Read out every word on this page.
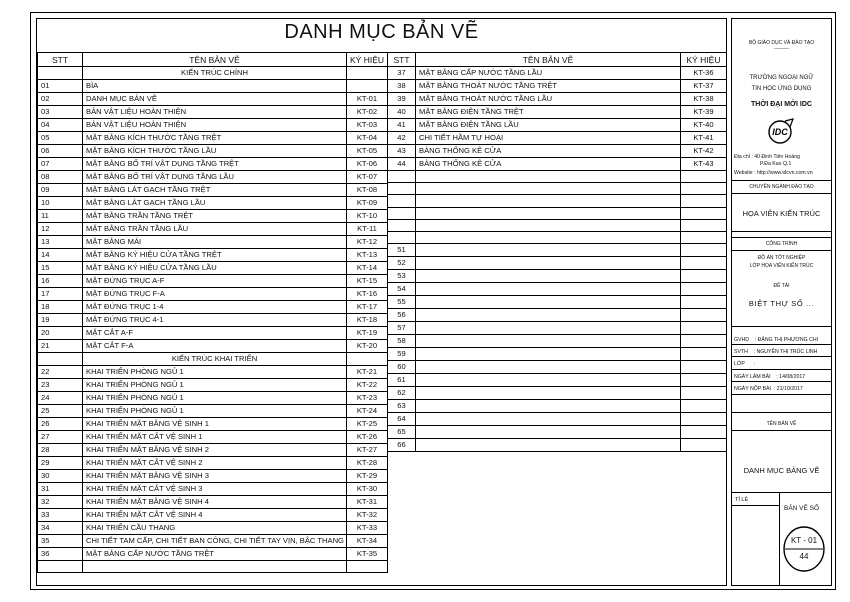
DANH MỤC BẢN VẼ
STT	TÊN BẢN VẼ	KÝ HIỆU
	KIẾN TRÚC CHÍNH	
01	BÌA	
02	DANH MỤC BẢN VẼ	KT-01
03	BẢN VẬT LIỆU HOÀN THIỆN	KT-02
04	BẢN VẬT LIỆU HOÀN THIỆN	KT-03
05	MẶT BẰNG KÍCH THƯỚC TẦNG TRỆT	KT-04
06	MẶT BẰNG KÍCH THƯỚC TẦNG LẦU	KT-05
07	MẶT BẰNG BỐ TRÍ VẬT DỤNG TẦNG TRỆT	KT-06
08	MẶT BẰNG BỐ TRÍ VẬT DỤNG TẦNG LẦU	KT-07
09	MẶT BẰNG LÁT GẠCH TẦNG TRỆT	KT-08
10	MẶT BẰNG LÁT GẠCH TẦNG LẦU	KT-09
11	MẶT BẰNG TRẦN TẦNG TRỆT	KT-10
12	MẶT BẰNG TRẦN TẦNG LẦU	KT-11
13	MẶT BẰNG MÁI	KT-12
14	MẶT BẰNG KÝ HIỆU CỬA TẦNG TRỆT	KT-13
15	MẶT BẰNG KÝ HIỆU CỬA TẦNG LẦU	KT-14
16	MẶT ĐỨNG TRỤC A-F	KT-15
17	MẶT ĐỨNG TRỤC F-A	KT-16
18	MẶT ĐỨNG TRỤC 1-4	KT-17
19	MẶT ĐỨNG TRỤC 4-1	KT-18
20	MẶT CẮT A-F	KT-19
21	MẶT CẮT F-A	KT-20
	KIẾN TRÚC KHAI TRIỂN	
22	KHAI TRIỂN PHÒNG NGỦ 1	KT-21
23	KHAI TRIỂN PHÒNG NGỦ 1	KT-22
24	KHAI TRIỂN PHÒNG NGỦ 1	KT-23
25	KHAI TRIỂN PHÒNG NGỦ 1	KT-24
26	KHAI TRIỂN MẶT BẰNG VỆ SINH 1	KT-25
27	KHAI TRIỂN MẶT CẮT VỆ SINH 1	KT-26
28	KHAI TRIỂN MẶT BẰNG VỆ SINH 2	KT-27
29	KHAI TRIỂN MẶT CẮT VỆ SINH 2	KT-28
30	KHAI TRIỂN MẶT BẰNG VỆ SINH 3	KT-29
31	KHAI TRIỂN MẶT CẮT VỆ SINH 3	KT-30
32	KHAI TRIỂN MẶT BẰNG VỆ SINH 4	KT-31
33	KHAI TRIỂN MẶT CẮT VỆ SINH 4	KT-32
34	KHAI TRIỂN CẦU THANG	KT-33
35	CHI TIẾT TAM CẤP, CHI TIẾT BAN CÔNG, CHI TIẾT TAY VỊN, BẬC THANG	KT-34
36	MẶT BẰNG CẤP NƯỚC TẦNG TRỆT	KT-35

STT	TÊN BẢN VẼ	KÝ HIỆU
37	MẶT BẰNG CẤP NƯỚC TẦNG LẦU	KT-36
38	MẶT BẰNG THOÁT NƯỚC TẦNG TRỆT	KT-37
39	MẶT BẰNG THOÁT NƯỚC TẦNG LẦU	KT-38
40	MẶT BẰNG ĐIỆN TẦNG TRỆT	KT-39
41	MẶT BẰNG ĐIỆN TẦNG LẦU	KT-40
42	CHI TIẾT HẦM TỰ HOẠI	KT-41
43	BẢNG THỐNG KÊ CỬA	KT-42
44	BẢNG THỐNG KÊ CỬA	KT-43

51		
52		
53		
54		
55		
56		
57		
58		
59		
60		
61		
62		
63		
64		
65		
66		
BỘ GIÁO DỤC VÀ ĐÀO TẠO
---------
TRƯỜNG NGOẠI NGỮ
TIN HỌC ỨNG DỤNG
THỜI ĐẠI MỚI IDC
IDC
Địa chỉ : 40 Đinh Tiên Hoàng
P.Đa Kao Q.1
Website : http://www.idcvn.com.vn
CHUYÊN NGÀNH ĐÀO TẠO
HỌA VIÊN KIẾN TRÚC
CÔNG TRÌNH
ĐỒ ÁN TỐT NGHIỆP
LỚP HỌA VIÊN KIẾN TRÚC
ĐỀ TÀI
BIỆT THỰ SỐ ...
GVHD : ĐẶNG THỊ PHƯƠNG CHI
SVTH : NGUYỄN THỊ TRÚC LINH
LỚP :
NGÀY LÀM BÀI : 14/08/2017
NGÀY NỘP BÀI : 21/10/2017
TÊN BẢN VẼ
DANH MỤC BẢNG VẼ
TỈ LỆ
BẢN VẼ SỐ
KT - 01
44
